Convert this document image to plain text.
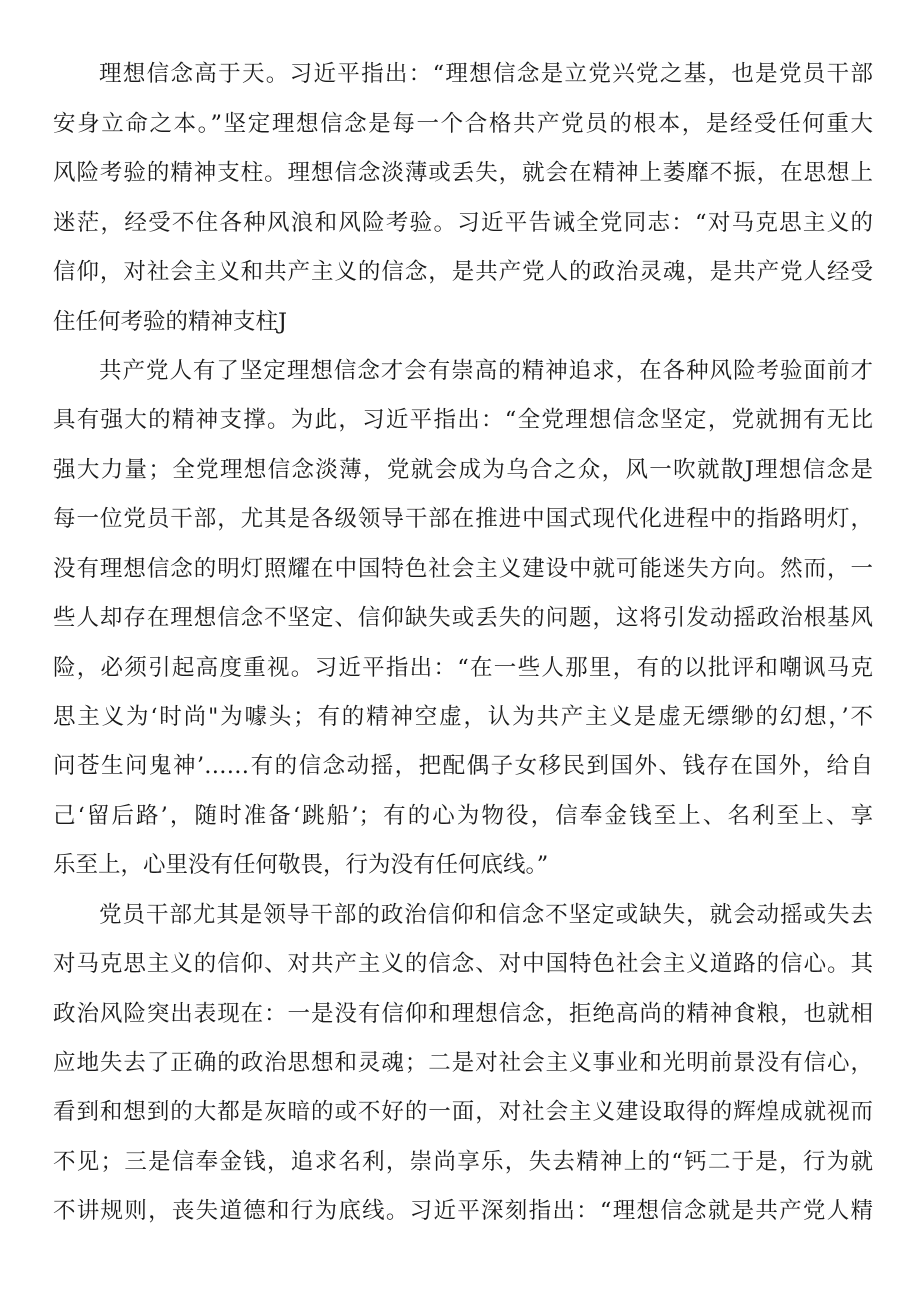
理想信念高于天。习近平指出：“理想信念是立党兴党之基，也是党员干部
安身立命之本。”坚定理想信念是每一个合格共产党员的根本，是经受任何重大
风险考验的精神支柱。理想信念淡薄或丢失，就会在精神上萎靡不振，在思想上
迷茫，经受不住各种风浪和风险考验。习近平告诫全党同志：“对马克思主义的
信仰，对社会主义和共产主义的信念，是共产党人的政治灵魂，是共产党人经受
住任何考验的精神支柱J
共产党人有了坚定理想信念才会有崇高的精神追求，在各种风险考验面前才
具有强大的精神支撑。为此，习近平指出：“全党理想信念坚定，党就拥有无比
强大力量；全党理想信念淡薄，党就会成为乌合之众，风一吹就散J理想信念是
每一位党员干部，尤其是各级领导干部在推进中国式现代化进程中的指路明灯，
没有理想信念的明灯照耀在中国特色社会主义建设中就可能迷失方向。然而，一
些人却存在理想信念不坚定、信仰缺失或丢失的问题，这将引发动摇政治根基风
险，必须引起高度重视。习近平指出：“在一些人那里，有的以批评和嘲讽马克
思主义为‘时尚"为噱头；有的精神空虚，认为共产主义是虚无缥缈的幻想，’不
问苍生问鬼神’……有的信念动摇，把配偶子女移民到国外、钱存在国外，给自
己‘留后路’，随时准备‘跳船’；有的心为物役，信奉金钱至上、名利至上、享
乐至上，心里没有任何敬畏，行为没有任何底线。”
党员干部尤其是领导干部的政治信仰和信念不坚定或缺失，就会动摇或失去
对马克思主义的信仰、对共产主义的信念、对中国特色社会主义道路的信心。其
政治风险突出表现在：一是没有信仰和理想信念，拒绝高尚的精神食粮，也就相
应地失去了正确的政治思想和灵魂；二是对社会主义事业和光明前景没有信心，
看到和想到的大都是灰暗的或不好的一面，对社会主义建设取得的辉煌成就视而
不见；三是信奉金钱，追求名利，崇尚享乐，失去精神上的“钙二于是，行为就
不讲规则，丧失道德和行为底线。习近平深刻指出：“理想信念就是共产党人精
